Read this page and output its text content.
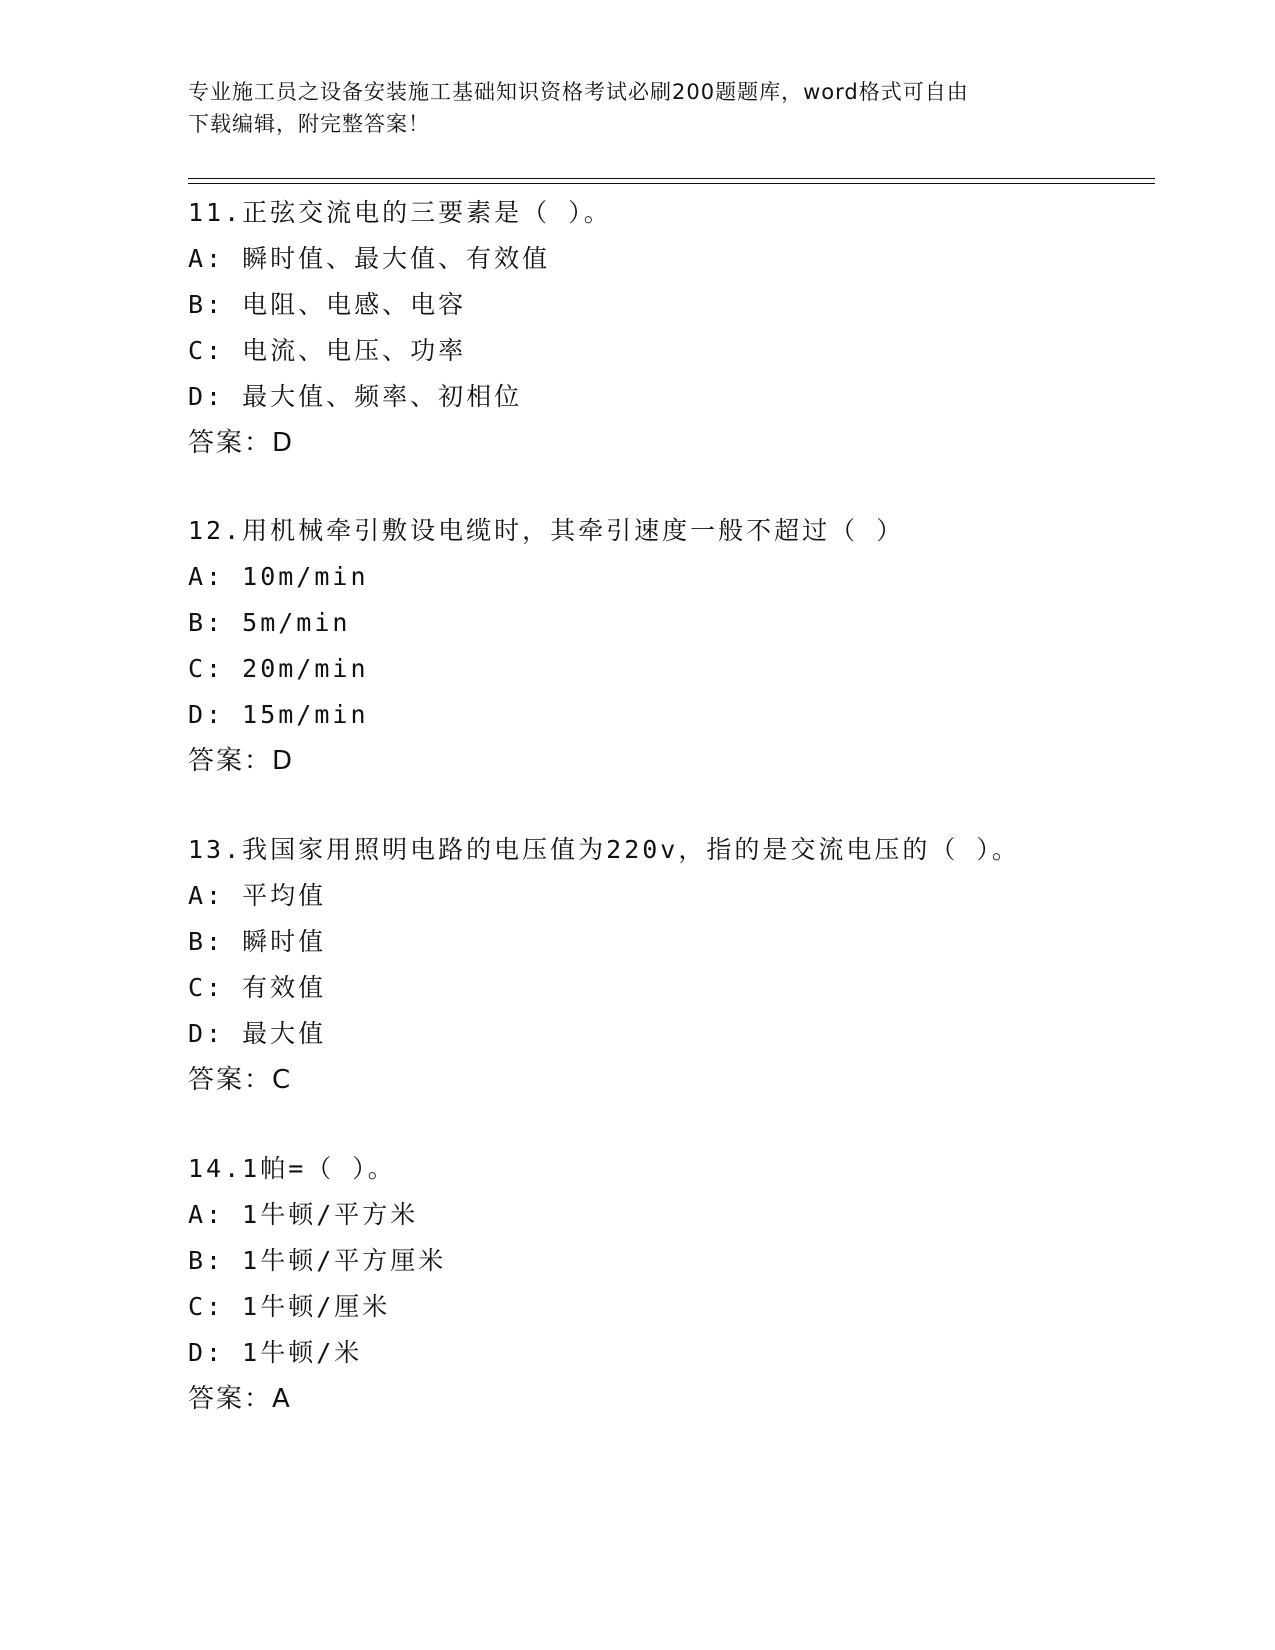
专业施工员之设备安装施工基础知识资格考试必刷200题题库，word格式可自由
下载编辑，附完整答案！
11.正弦交流电的三要素是（ ）。
A: 瞬时值、最大值、有效值
B: 电阻、电感、电容
C: 电流、电压、功率
D: 最大值、频率、初相位
答案：D
12.用机械牵引敷设电缆时，其牵引速度一般不超过（ ）
A: 10m/min
B: 5m/min
C: 20m/min
D: 15m/min
答案：D
13.我国家用照明电路的电压值为220v，指的是交流电压的（ ）。
A: 平均值
B: 瞬时值
C: 有效值
D: 最大值
答案：C
14.1帕=（ ）。
A: 1牛顿/平方米
B: 1牛顿/平方厘米
C: 1牛顿/厘米
D: 1牛顿/米
答案：A
